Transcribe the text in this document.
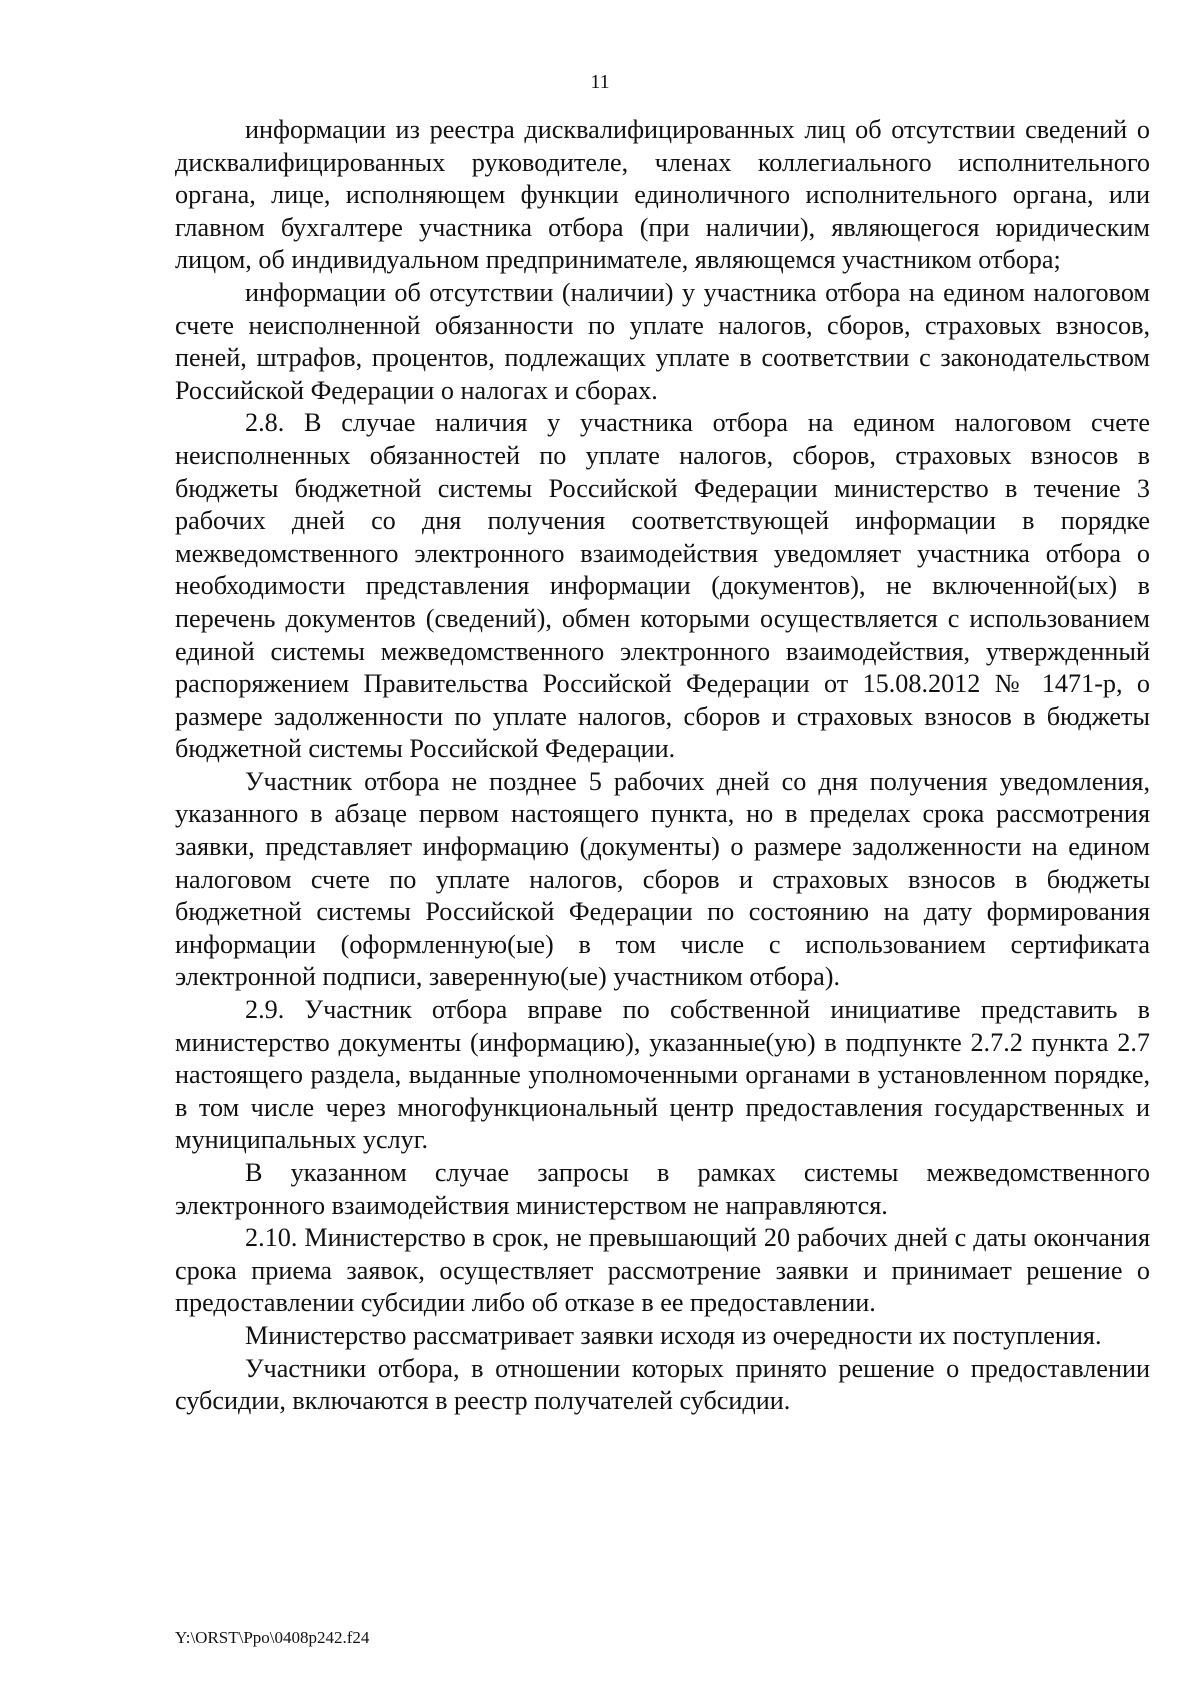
11

информации из реестра дисквалифицированных лиц об отсутствии сведений о дисквалифицированных руководителе, членах коллегиального исполнительного органа, лице, исполняющем функции единоличного исполнительного органа, или главном бухгалтере участника отбора (при наличии), являющегося юридическим лицом, об индивидуальном предпринимателе, являющемся участником отбора;

информации об отсутствии (наличии) у участника отбора на едином налоговом счете неисполненной обязанности по уплате налогов, сборов, страховых взносов, пеней, штрафов, процентов, подлежащих уплате в соответствии с законодательством Российской Федерации о налогах и сборах.

2.8. В случае наличия у участника отбора на едином налоговом счете неисполненных обязанностей по уплате налогов, сборов, страховых взносов в бюджеты бюджетной системы Российской Федерации министерство в течение 3 рабочих дней со дня получения соответствующей информации в порядке межведомственного электронного взаимодействия уведомляет участника отбора о необходимости представления информации (документов), не включенной(ых) в перечень документов (сведений), обмен которыми осуществляется с использованием единой системы межведомственного электронного взаимодействия, утвержденный распоряжением Правительства Российской Федерации от 15.08.2012 № 1471-р, о размере задолженности по уплате налогов, сборов и страховых взносов в бюджеты бюджетной системы Российской Федерации.

Участник отбора не позднее 5 рабочих дней со дня получения уведомления, указанного в абзаце первом настоящего пункта, но в пределах срока рассмотрения заявки, представляет информацию (документы) о размере задолженности на едином налоговом счете по уплате налогов, сборов и страховых взносов в бюджеты бюджетной системы Российской Федерации по состоянию на дату формирования информации (оформленную(ые) в том числе с использованием сертификата электронной подписи, заверенную(ые) участником отбора).

2.9. Участник отбора вправе по собственной инициативе представить в министерство документы (информацию), указанные(ую) в подпункте 2.7.2 пункта 2.7 настоящего раздела, выданные уполномоченными органами в установленном порядке, в том числе через многофункциональный центр предоставления государственных и муниципальных услуг.

В указанном случае запросы в рамках системы межведомственного электронного взаимодействия министерством не направляются.

2.10. Министерство в срок, не превышающий 20 рабочих дней с даты окончания срока приема заявок, осуществляет рассмотрение заявки и принимает решение о предоставлении субсидии либо об отказе в ее предоставлении.

Министерство рассматривает заявки исходя из очередности их поступления.

Участники отбора, в отношении которых принято решение о предоставлении субсидии, включаются в реестр получателей субсидии.

Y:\ORST\Ppo\0408p242.f24
